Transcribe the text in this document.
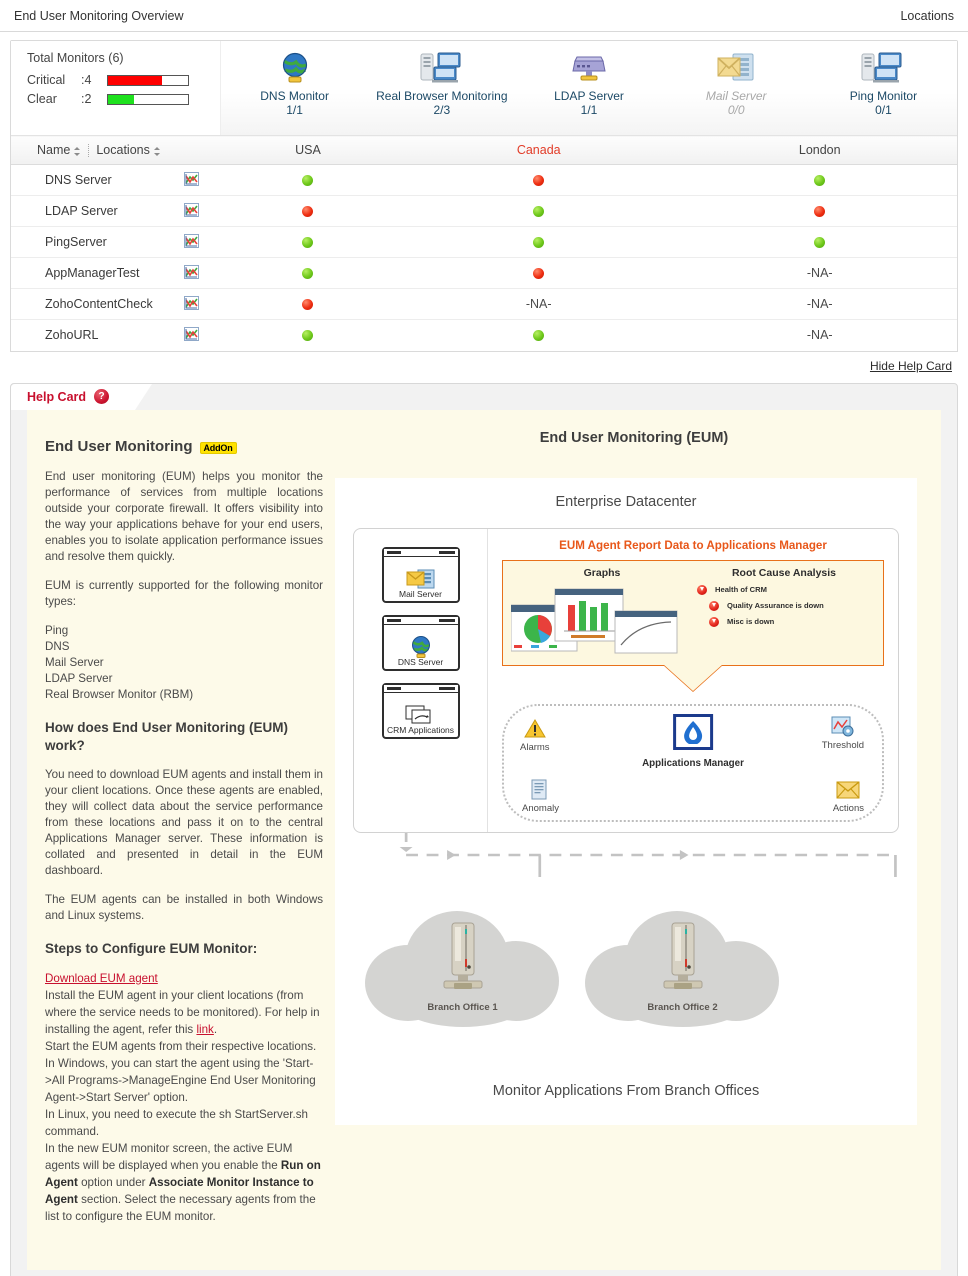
End User Monitoring Overview	Locations
Total Monitors (6)
Critical	:4
Clear	:2	DNS Monitor
1/1
Real Browser Monitoring
2/3
LDAP Server
1/1
Mail Server
0/0
Ping Monitor
0/1
Name Locations		USA	Canada	London
DNS Server	

LDAP Server	

PingServer	

AppManagerTest				-NA-
ZohoContentCheck			-NA-	-NA-
ZohoURL				-NA-
Hide Help Card
Help Card	?
End User Monitoring	AddOn

End user monitoring (EUM) helps you monitor the performance of services from multiple locations outside your corporate firewall. It offers visibility into the way your applications behave for your end users, enables you to isolate application performance issues and resolve them quickly.

EUM is currently supported for the following monitor types:

Ping
DNS
Mail Server
LDAP Server
Real Browser Monitor (RBM)
How does End User Monitoring (EUM) work?

You need to download EUM agents and install them in your client locations. Once these agents are enabled, they will collect data about the service performance from these locations and pass it on to the central Applications Manager server. These information is collated and presented in detail in the EUM dashboard.

The EUM agents can be installed in both Windows and Linux systems.

Steps to Configure EUM Monitor:
Download EUM agent
Install the EUM agent in your client locations (from where the service needs to be monitored). For help in installing the agent, refer this link.
Start the EUM agents from their respective locations. In Windows, you can start the agent using the 'Start->All Programs->ManageEngine End User Monitoring Agent->Start Server' option.
In Linux, you need to execute the sh StartServer.sh command.
In the new EUM monitor screen, the active EUM agents will be displayed when you enable the Run on Agent option under Associate Monitor Instance to Agent section. Select the necessary agents from the list to configure the EUM monitor.
End User Monitoring (EUM)
Enterprise Datacenter
Mail Server
DNS Server
CRM Applications
EUM Agent Report Data to Applications Manager
Graphs	Root Cause Analysis
Health of CRM
Quality Assurance is down
Misc is down
Alarms	Threshold
Anomaly	Actions
Applications Manager
Branch Office 1	Branch Office 2
Monitor Applications From Branch Offices
